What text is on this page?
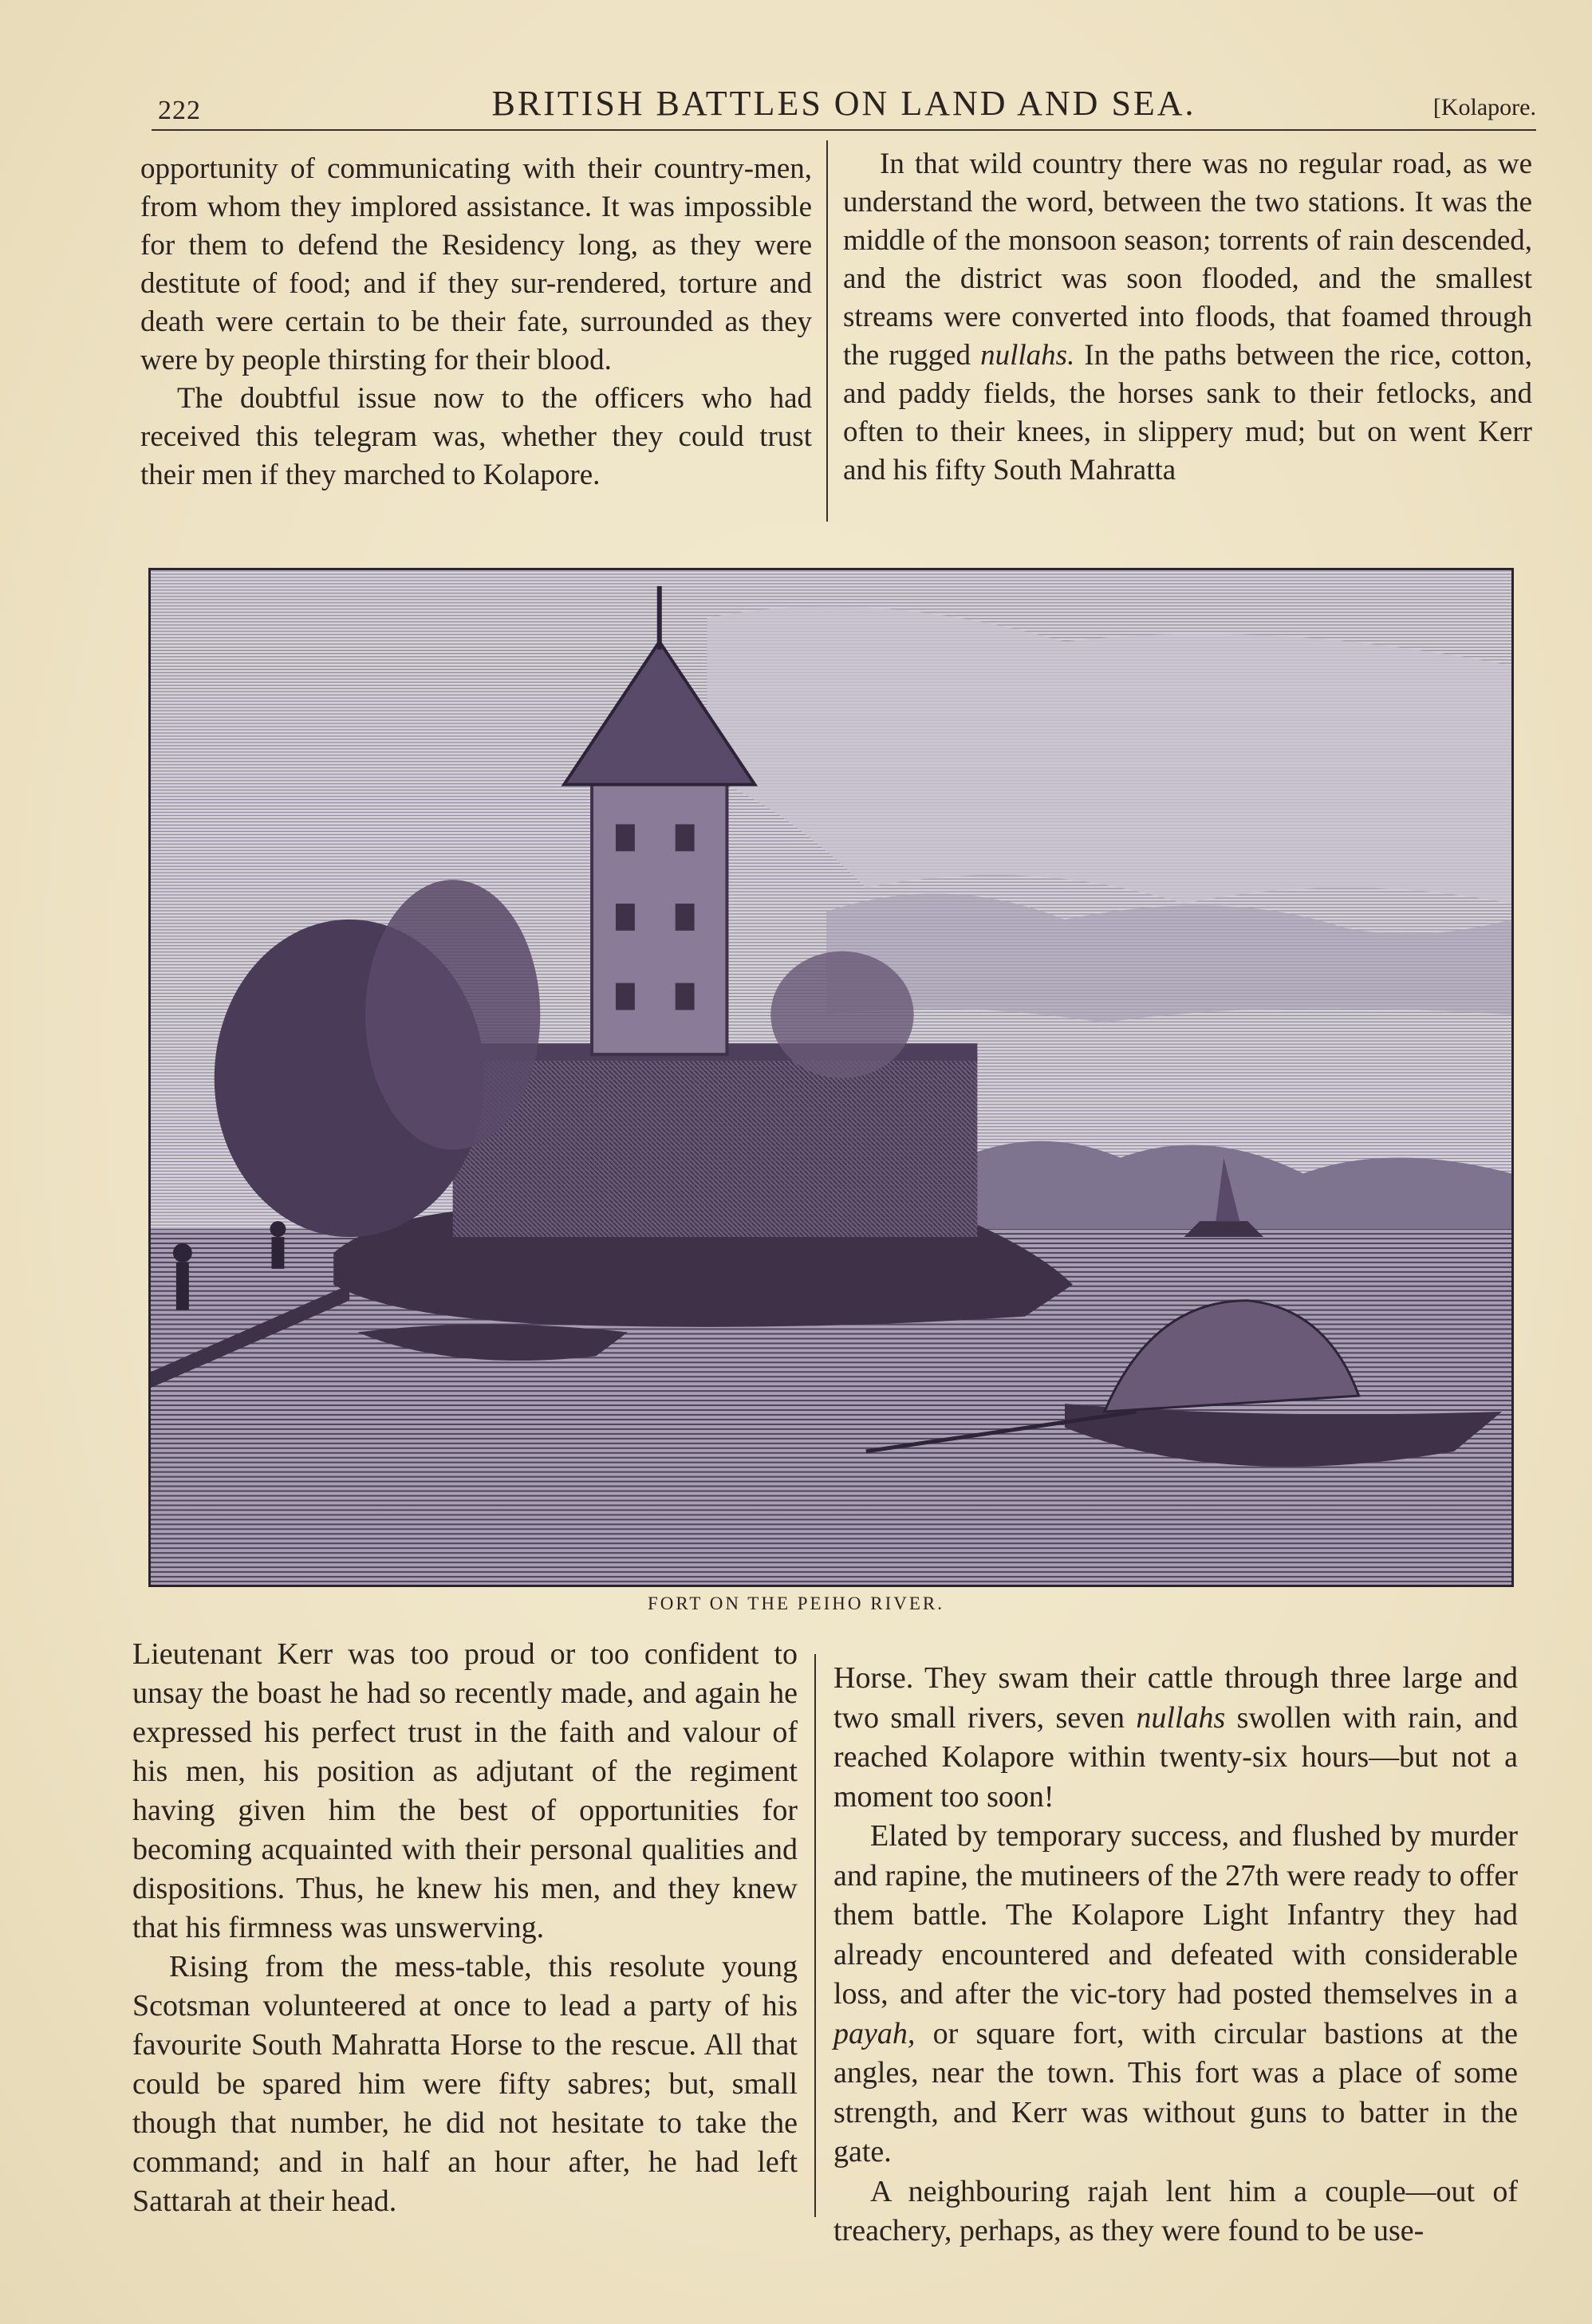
222	BRITISH BATTLES ON LAND AND SEA.	[Kolapore.

opportunity of communicating with their country-men, from whom they implored assistance. It was impossible for them to defend the Residency long, as they were destitute of food; and if they sur-rendered, torture and death were certain to be their fate, surrounded as they were by people thirsting for their blood.

The doubtful issue now to the officers who had received this telegram was, whether they could trust their men if they marched to Kolapore.

In that wild country there was no regular road, as we understand the word, between the two stations. It was the middle of the monsoon season; torrents of rain descended, and the district was soon flooded, and the smallest streams were converted into floods, that foamed through the rugged nullahs. In the paths between the rice, cotton, and paddy fields, the horses sank to their fetlocks, and often to their knees, in slippery mud; but on went Kerr and his fifty South Mahratta

FORT ON THE PEIHO RIVER.

Lieutenant Kerr was too proud or too confident to unsay the boast he had so recently made, and again he expressed his perfect trust in the faith and valour of his men, his position as adjutant of the regiment having given him the best of opportunities for becoming acquainted with their personal qualities and dispositions. Thus, he knew his men, and they knew that his firmness was unswerving.

Rising from the mess-table, this resolute young Scotsman volunteered at once to lead a party of his favourite South Mahratta Horse to the rescue. All that could be spared him were fifty sabres; but, small though that number, he did not hesitate to take the command; and in half an hour after, he had left Sattarah at their head.

Horse. They swam their cattle through three large and two small rivers, seven nullahs swollen with rain, and reached Kolapore within twenty-six hours—but not a moment too soon!

Elated by temporary success, and flushed by murder and rapine, the mutineers of the 27th were ready to offer them battle. The Kolapore Light Infantry they had already encountered and defeated with considerable loss, and after the vic-tory had posted themselves in a payah, or square fort, with circular bastions at the angles, near the town. This fort was a place of some strength, and Kerr was without guns to batter in the gate.

A neighbouring rajah lent him a couple—out of treachery, perhaps, as they were found to be use-
